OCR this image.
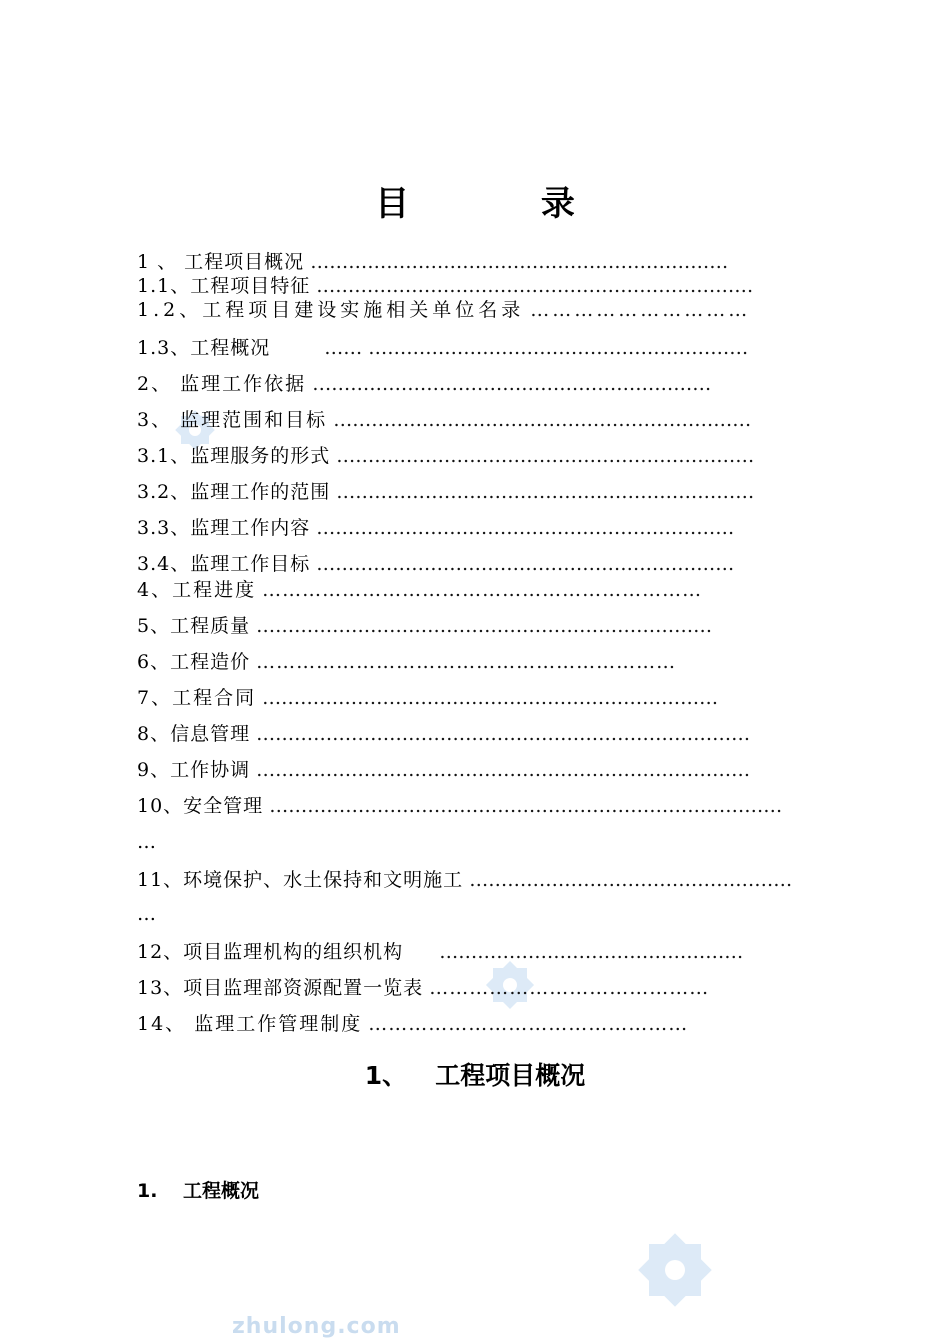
zhulong.com
目 录
1 、 工程项目概况 …………………………………………………………
1.1、工程项目特征 ……………………………………………………………
1.2、工程项目建设实施相关单位名录 …………………………
1.3、工程概况	…… ……………………………………………………
2、 监理工作依据 ………………………………………………………
3、 监理范围和目标 …………………………………………………………
3.1、监理服务的形式 …………………………………………………………
3.2、监理工作的范围 …………………………………………………………
3.3、监理工作内容 …………………………………………………………
3.4、监理工作目标 …………………………………………………………
4、工程进度 …………………………………………………………
5、工程质量 ………………………………………………………………
6、工程造价 ………………………………………………………
7、工程合同 ………………………………………………………………
8、信息管理 ……………………………………………………………………
9、工作协调 ……………………………………………………………………
10、安全管理 ………………………………………………………………………
…
11、环境保护、水土保持和文明施工 ……………………………………………
…
12、项目监理机构的组织机构 …………………………………………
13、项目监理部资源配置一览表 ……………………………………
14、 监理工作管理制度 …………………………………………
1、 工程项目概况
1. 工程概况
